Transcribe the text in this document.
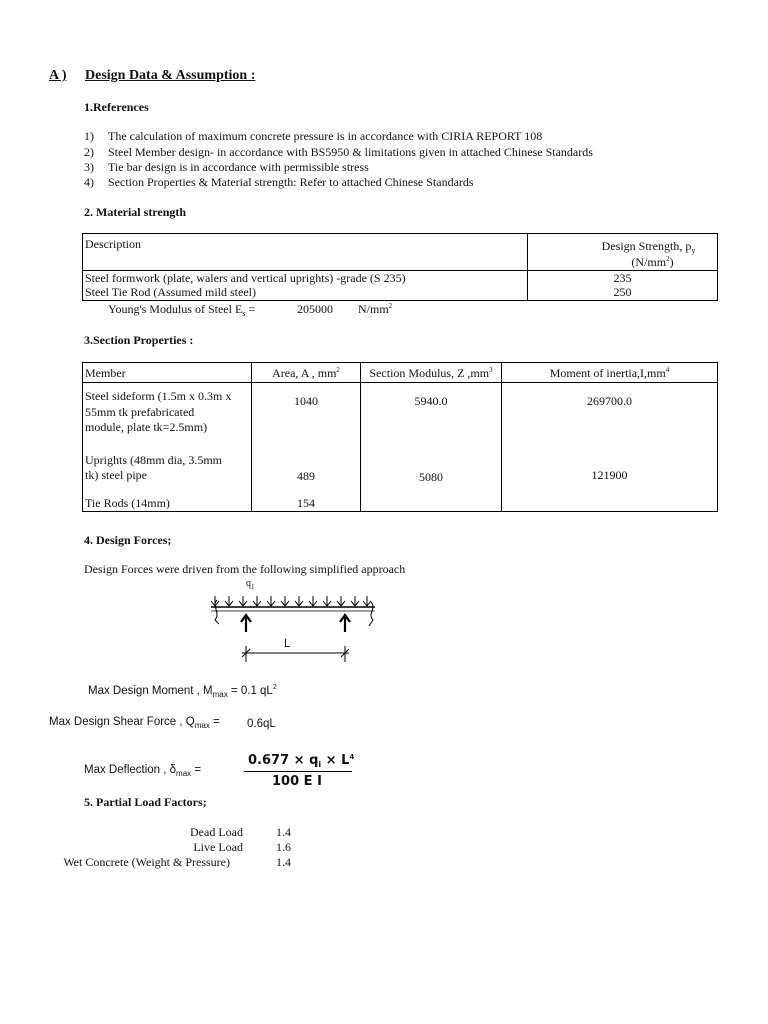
A ) Design Data & Assumption :
1.References
1) The calculation of maximum concrete pressure is in accordance with CIRIA REPORT 108
2) Steel Member design- in accordance with BS5950 & limitations given in attached Chinese Standards
3) Tie bar design is in accordance with permissible stress
4) Section Properties & Material strength: Refer to attached Chinese Standards
2. Material strength
Description	Design Strength, $p_y$
$(N/mm^2)$
Steel formwork (plate, walers and vertical uprights) -grade (S 235)	235
Steel Tie Rod (Assumed mild steel)	250
Young's Modulus of Steel $E_s$ =	205000 $N/mm^2$
3.Section Properties :
Member	Area, A , $mm^2$	Section Modulus, Z $,mm^3$	Moment of $inertia,I,mm^4$
Steel sideform (1.5m x 0.3m x
55mm tk prefabricated
module, plate tk=2.5mm)	1040	5940.0	269700.0
Uprights (48mm dia, 3.5mm
tk) steel pipe	489	5080	121900
Tie Rods (14mm)	154		
4. Design Forces;
Design Forces were driven from the following simplified approach
$q_1$
L
Max Design Moment , $M_{max} = 0.1$ $qL^2$
Max Design Shear Force , $Q_{max} = 0.6qL$
Max Deflection , $\delta_{max}$ =
$0.677 \times q_i \times L^4$
100 E I
5. Partial Load Factors;
Dead Load	1.4
Live Load	1.6
Wet Concrete (Weight & Pressure)	1.4
